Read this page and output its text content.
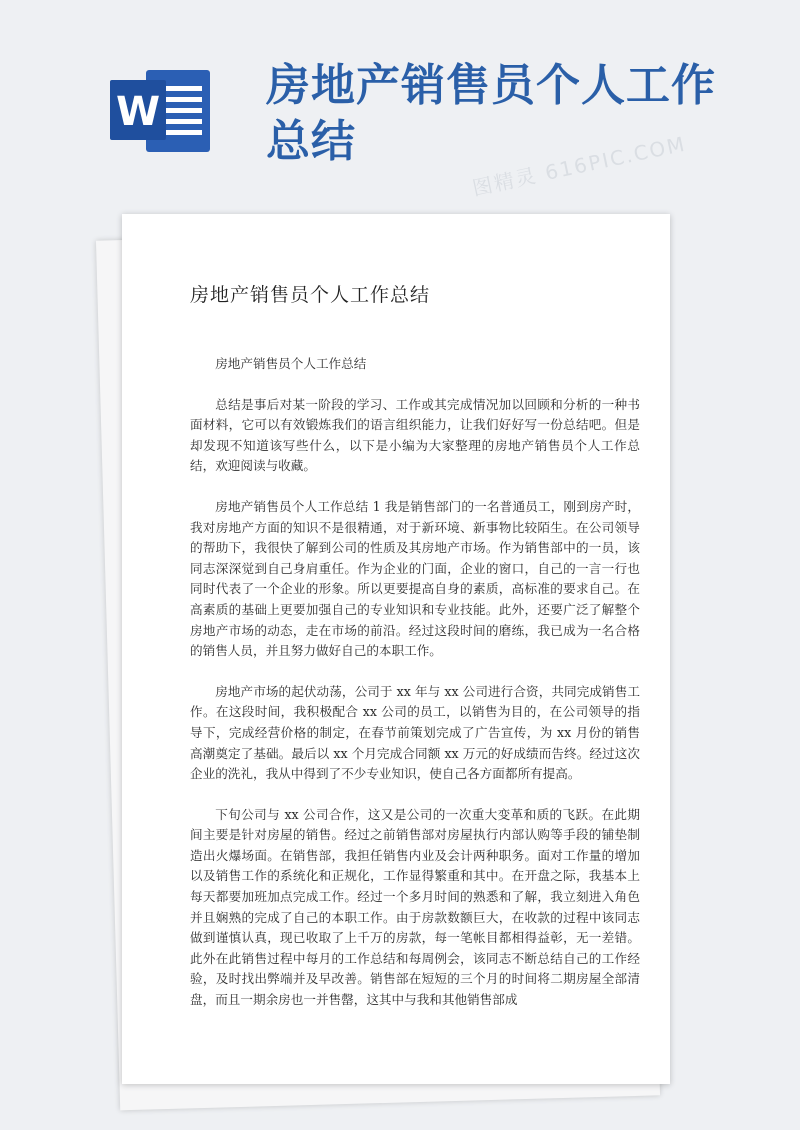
W
房地产销售员个人工作总结	图精灵 616PIC.COM
房地产销售员个人工作总结

房地产销售员个人工作总结

总结是事后对某一阶段的学习、工作或其完成情况加以回顾和分析的一种书面材料，它可以有效锻炼我们的语言组织能力，让我们好好写一份总结吧。但是却发现不知道该写些什么，以下是小编为大家整理的房地产销售员个人工作总结，欢迎阅读与收藏。

房地产销售员个人工作总结 1 我是销售部门的一名普通员工，刚到房产时，我对房地产方面的知识不是很精通，对于新环境、新事物比较陌生。在公司领导的帮助下，我很快了解到公司的性质及其房地产市场。作为销售部中的一员，该同志深深觉到自己身肩重任。作为企业的门面，企业的窗口，自己的一言一行也同时代表了一个企业的形象。所以更要提高自身的素质，高标准的要求自己。在高素质的基础上更要加强自己的专业知识和专业技能。此外，还要广泛了解整个房地产市场的动态，走在市场的前沿。经过这段时间的磨练，我已成为一名合格的销售人员，并且努力做好自己的本职工作。

房地产市场的起伏动荡，公司于 xx 年与 xx 公司进行合资，共同完成销售工作。在这段时间，我积极配合 xx 公司的员工，以销售为目的，在公司领导的指导下，完成经营价格的制定，在春节前策划完成了广告宣传，为 xx 月份的销售高潮奠定了基础。最后以 xx 个月完成合同额 xx 万元的好成绩而告终。经过这次企业的洗礼，我从中得到了不少专业知识，使自己各方面都所有提高。

下旬公司与 xx 公司合作，这又是公司的一次重大变革和质的飞跃。在此期间主要是针对房屋的销售。经过之前销售部对房屋执行内部认购等手段的铺垫制造出火爆场面。在销售部，我担任销售内业及会计两种职务。面对工作量的增加以及销售工作的系统化和正规化，工作显得繁重和其中。在开盘之际，我基本上每天都要加班加点完成工作。经过一个多月时间的熟悉和了解，我立刻进入角色并且娴熟的完成了自己的本职工作。由于房款数额巨大，在收款的过程中该同志做到谨慎认真，现已收取了上千万的房款，每一笔帐目都相得益彰，无一差错。此外在此销售过程中每月的工作总结和每周例会，该同志不断总结自己的工作经验，及时找出弊端并及早改善。销售部在短短的三个月的时间将二期房屋全部清盘，而且一期余房也一并售罄，这其中与我和其他销售部成
